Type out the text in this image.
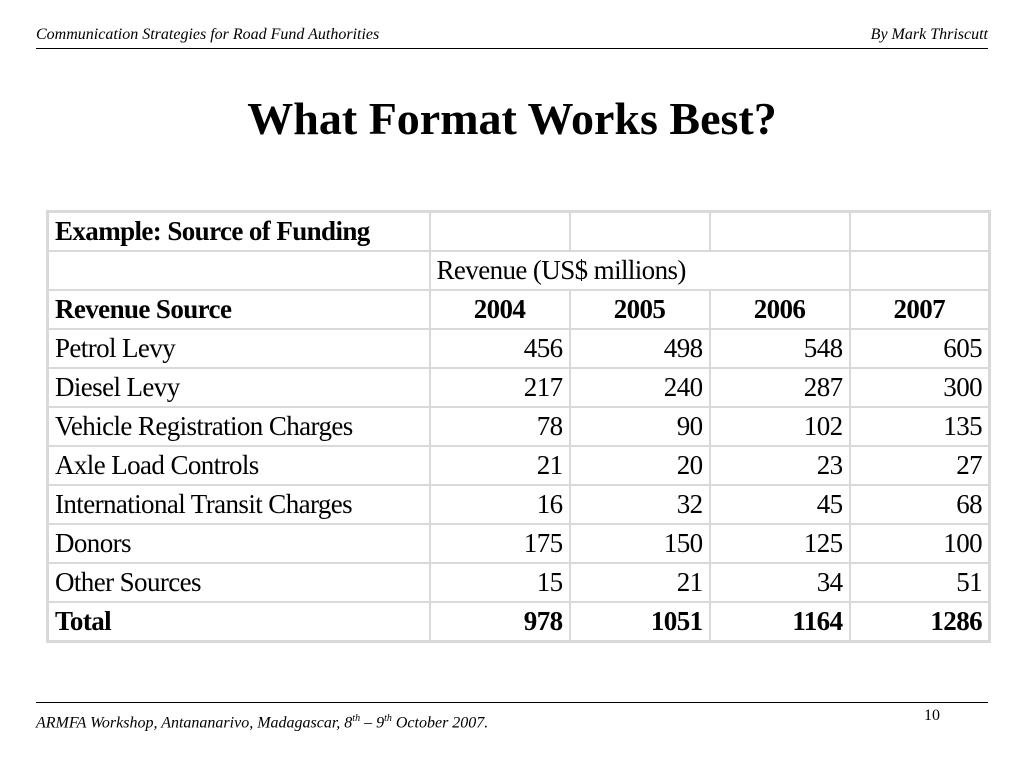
Communication Strategies for Road Fund Authorities	By Mark Thriscutt
What Format Works Best?
Example: Source of Funding				
	Revenue (US$ millions)			
Revenue Source	2004	2005	2006	2007
Petrol Levy	456	498	548	605
Diesel Levy	217	240	287	300
Vehicle Registration Charges	78	90	102	135
Axle Load Controls	21	20	23	27
International Transit Charges	16	32	45	68
Donors	175	150	125	100
Other Sources	15	21	34	51
Total	978	1051	1164	1286
ARMFA Workshop, Antananarivo, Madagascar, 8th – 9th October 2007.	10
